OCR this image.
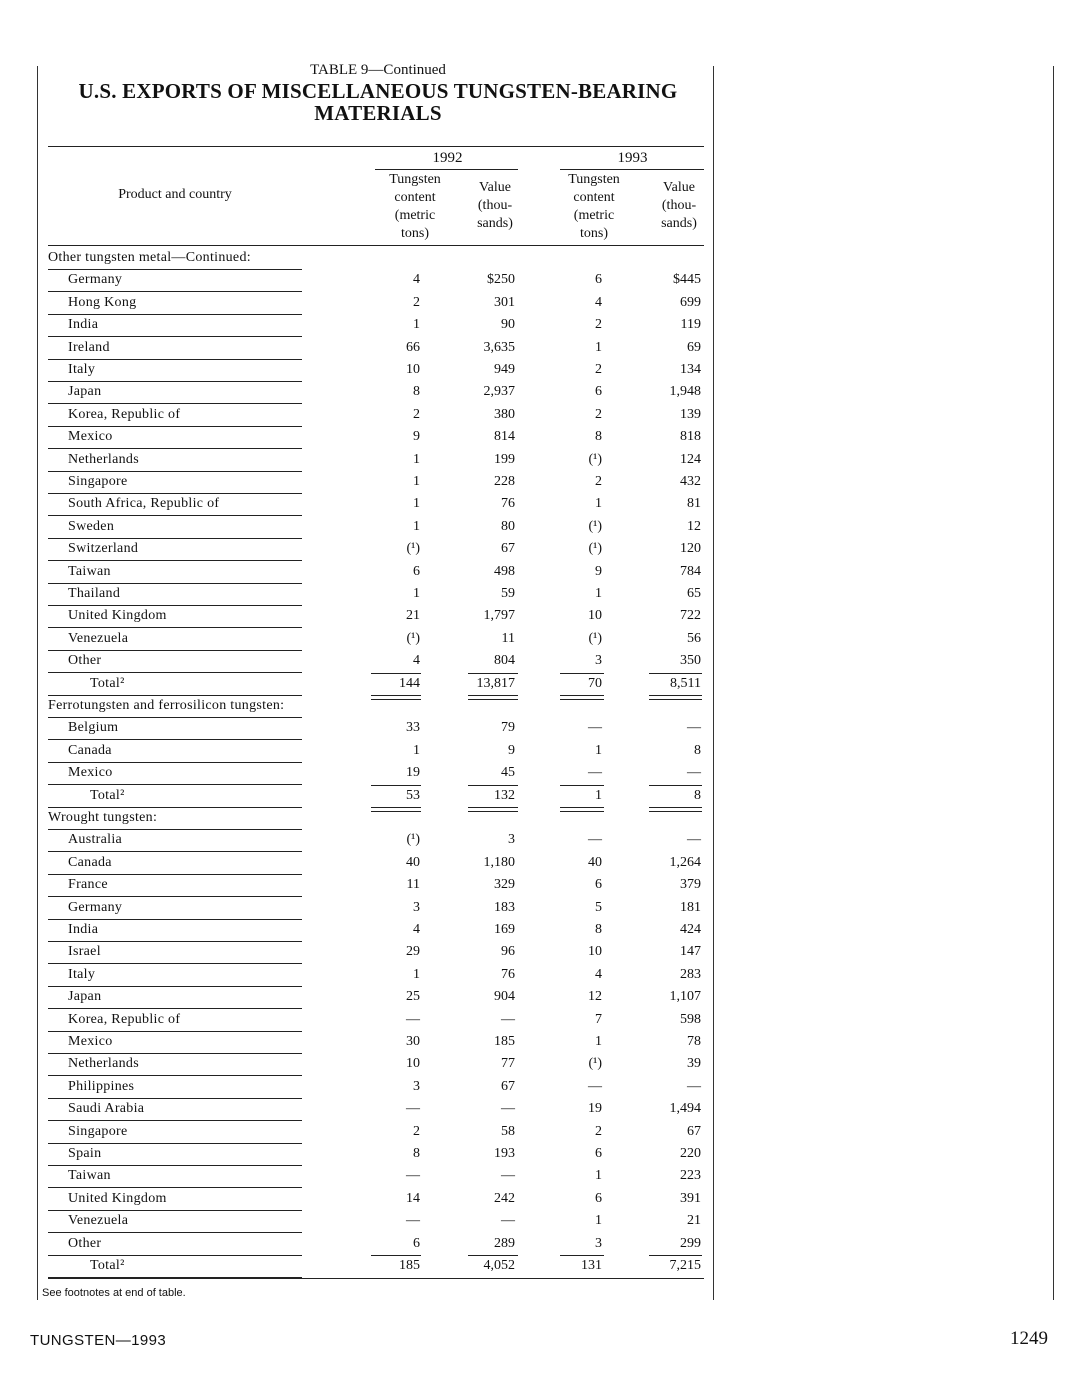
TABLE 9—Continued
U.S. EXPORTS OF MISCELLANEOUS TUNGSTEN-BEARING
MATERIALS
1992	1993
Product and country
Tungsten
content
(metric
tons)
Value
(thou-
sands)
Tungsten
content
(metric
tons)
Value
(thou-
sands)
Other tungsten metal—Continued:
Germany	4	$250	6	$445
Hong Kong	2	301	4	699
India	1	90	2	119
Ireland	66	3,635	1	69
Italy	10	949	2	134
Japan	8	2,937	6	1,948
Korea, Republic of	2	380	2	139
Mexico	9	814	8	818
Netherlands	1	199	(¹)	124
Singapore	1	228	2	432
South Africa, Republic of	1	76	1	81
Sweden	1	80	(¹)	12
Switzerland	(¹)	67	(¹)	120
Taiwan	6	498	9	784
Thailand	1	59	1	65
United Kingdom	21	1,797	10	722
Venezuela	(¹)	11	(¹)	56
Other	4	804	3	350
Total²	144	13,817	70	8,511
Ferrotungsten and ferrosilicon tungsten:
Belgium	33	79	—	—
Canada	1	9	1	8
Mexico	19	45	—	—
Total²	53	132	1	8
Wrought tungsten:
Australia	(¹)	3	—	—
Canada	40	1,180	40	1,264
France	11	329	6	379
Germany	3	183	5	181
India	4	169	8	424
Israel	29	96	10	147
Italy	1	76	4	283
Japan	25	904	12	1,107
Korea, Republic of	—	—	7	598
Mexico	30	185	1	78
Netherlands	10	77	(¹)	39
Philippines	3	67	—	—
Saudi Arabia	—	—	19	1,494
Singapore	2	58	2	67
Spain	8	193	6	220
Taiwan	—	—	1	223
United Kingdom	14	242	6	391
Venezuela	—	—	1	21
Other	6	289	3	299
Total²	185	4,052	131	7,215
See footnotes at end of table.
TUNGSTEN—1993	1249
